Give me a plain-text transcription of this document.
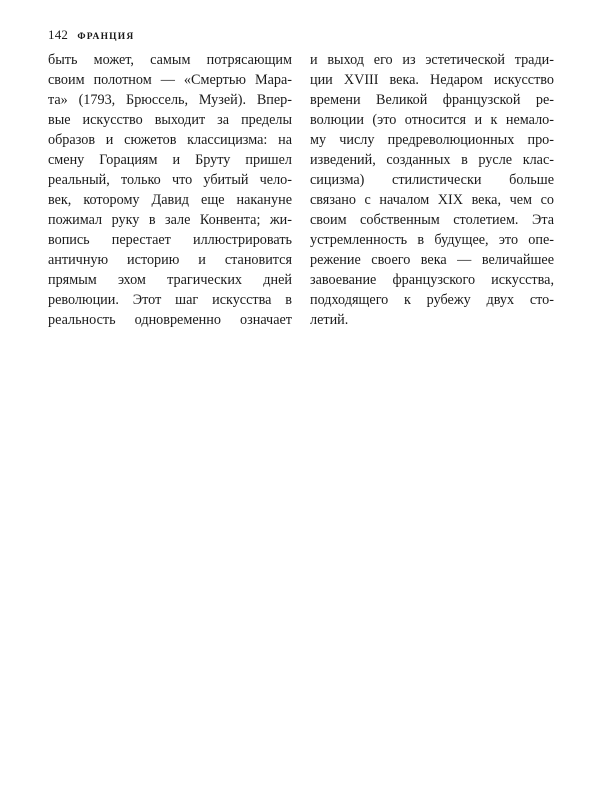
142 ФРАНЦИЯ
быть может, самым потрясающим
своим полотном — «Смертью Мара-
та» (1793, Брюссель, Музей). Впер-
вые искусство выходит за пределы
образов и сюжетов классицизма: на
смену Горациям и Бруту пришел
реальный, только что убитый чело-
век, которому Давид еще накануне
пожимал руку в зале Конвента; жи-
вопись перестает иллюстрировать
античную историю и становится
прямым эхом трагических дней
революции. Этот шаг искусства в
реальность одновременно означает
и выход его из эстетической тради-
ции XVIII века. Недаром искусство
времени Великой французской ре-
волюции (это относится и к немало-
му числу предреволюционных про-
изведений, созданных в русле клас-
сицизма) стилистически больше
связано с началом XIX века, чем со
своим собственным столетием. Эта
устремленность в будущее, это опе-
режение своего века — величайшее
завоевание французского искусства,
подходящего к рубежу двух сто-
летий.
